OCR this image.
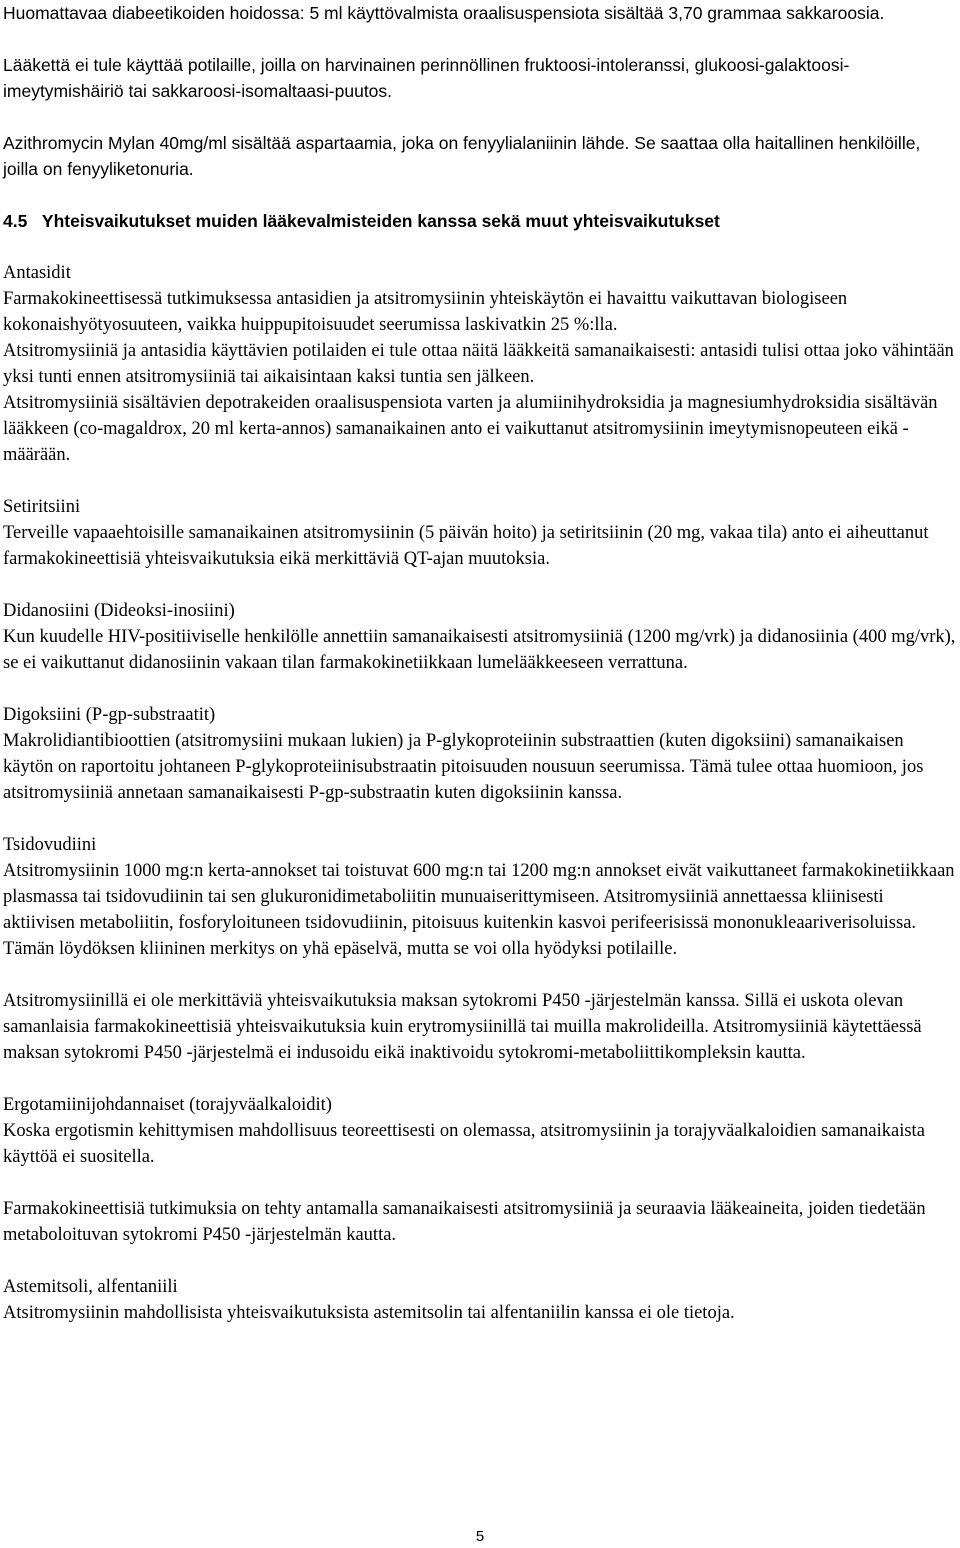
Huomattavaa diabeetikoiden hoidossa: 5 ml käyttövalmista oraalisuspensiota sisältää 3,70 grammaa sakkaroosia.

Lääkettä ei tule käyttää potilaille, joilla on harvinainen perinnöllinen fruktoosi-intoleranssi, glukoosi-galaktoosi-imeytymishäiriö tai sakkaroosi-isomaltaasi-puutos.

Azithromycin Mylan 40mg/ml sisältää aspartaamia, joka on fenyylialaniinin lähde. Se saattaa olla haitallinen henkilöille, joilla on fenyyliketonuria.

4.5 Yhteisvaikutukset muiden lääkevalmisteiden kanssa sekä muut yhteisvaikutukset

Antasidit

Farmakokineettisessä tutkimuksessa antasidien ja atsitromysiinin yhteiskäytön ei havaittu vaikuttavan biologiseen kokonaishyötyosuuteen, vaikka huippupitoisuudet seerumissa laskivatkin 25 %:lla.

Atsitromysiiniä ja antasidia käyttävien potilaiden ei tule ottaa näitä lääkkeitä samanaikaisesti: antasidi tulisi ottaa joko vähintään yksi tunti ennen atsitromysiiniä tai aikaisintaan kaksi tuntia sen jälkeen.

Atsitromysiiniä sisältävien depotrakeiden oraalisuspensiota varten ja alumiinihydroksidia ja magnesiumhydroksidia sisältävän lääkkeen (co-magaldrox, 20 ml kerta-annos) samanaikainen anto ei vaikuttanut atsitromysiinin imeytymisnopeuteen eikä -määrään.

Setiritsiini

Terveille vapaaehtoisille samanaikainen atsitromysiinin (5 päivän hoito) ja setiritsiinin (20 mg, vakaa tila) anto ei aiheuttanut farmakokineettisiä yhteisvaikutuksia eikä merkittäviä QT-ajan muutoksia.

Didanosiini (Dideoksi-inosiini)

Kun kuudelle HIV-positiiviselle henkilölle annettiin samanaikaisesti atsitromysiiniä (1200 mg/vrk) ja didanosiinia (400 mg/vrk), se ei vaikuttanut didanosiinin vakaan tilan farmakokinetiikkaan lumelääkkeeseen verrattuna.

Digoksiini (P-gp-substraatit)

Makrolidiantibioottien (atsitromysiini mukaan lukien) ja P-glykoproteiinin substraattien (kuten digoksiini) samanaikaisen käytön on raportoitu johtaneen P-glykoproteiinisubstraatin pitoisuuden nousuun seerumissa. Tämä tulee ottaa huomioon, jos atsitromysiiniä annetaan samanaikaisesti P-gp-substraatin kuten digoksiinin kanssa.

Tsidovudiini

Atsitromysiinin 1000 mg:n kerta-annokset tai toistuvat 600 mg:n tai 1200 mg:n annokset eivät vaikuttaneet farmakokinetiikkaan plasmassa tai tsidovudiinin tai sen glukuronidimetaboliitin munuaiserittymiseen. Atsitromysiiniä annettaessa kliinisesti aktiivisen metaboliitin, fosforyloituneen tsidovudiinin, pitoisuus kuitenkin kasvoi perifeerisissä mononukleaariverisoluissa. Tämän löydöksen kliininen merkitys on yhä epäselvä, mutta se voi olla hyödyksi potilaille.

Atsitromysiinillä ei ole merkittäviä yhteisvaikutuksia maksan sytokromi P450 -järjestelmän kanssa. Sillä ei uskota olevan samanlaisia farmakokineettisiä yhteisvaikutuksia kuin erytromysiinillä tai muilla makrolideilla. Atsitromysiiniä käytettäessä maksan sytokromi P450 -järjestelmä ei indusoidu eikä inaktivoidu sytokromi-metaboliittikompleksin kautta.

Ergotamiinijohdannaiset (torajyväalkaloidit)

Koska ergotismin kehittymisen mahdollisuus teoreettisesti on olemassa, atsitromysiinin ja torajyväalkaloidien samanaikaista käyttöä ei suositella.

Farmakokineettisiä tutkimuksia on tehty antamalla samanaikaisesti atsitromysiiniä ja seuraavia lääkeaineita, joiden tiedetään metaboloituvan sytokromi P450 -järjestelmän kautta.

Astemitsoli, alfentaniili

Atsitromysiinin mahdollisista yhteisvaikutuksista astemitsolin tai alfentaniilin kanssa ei ole tietoja.

5
